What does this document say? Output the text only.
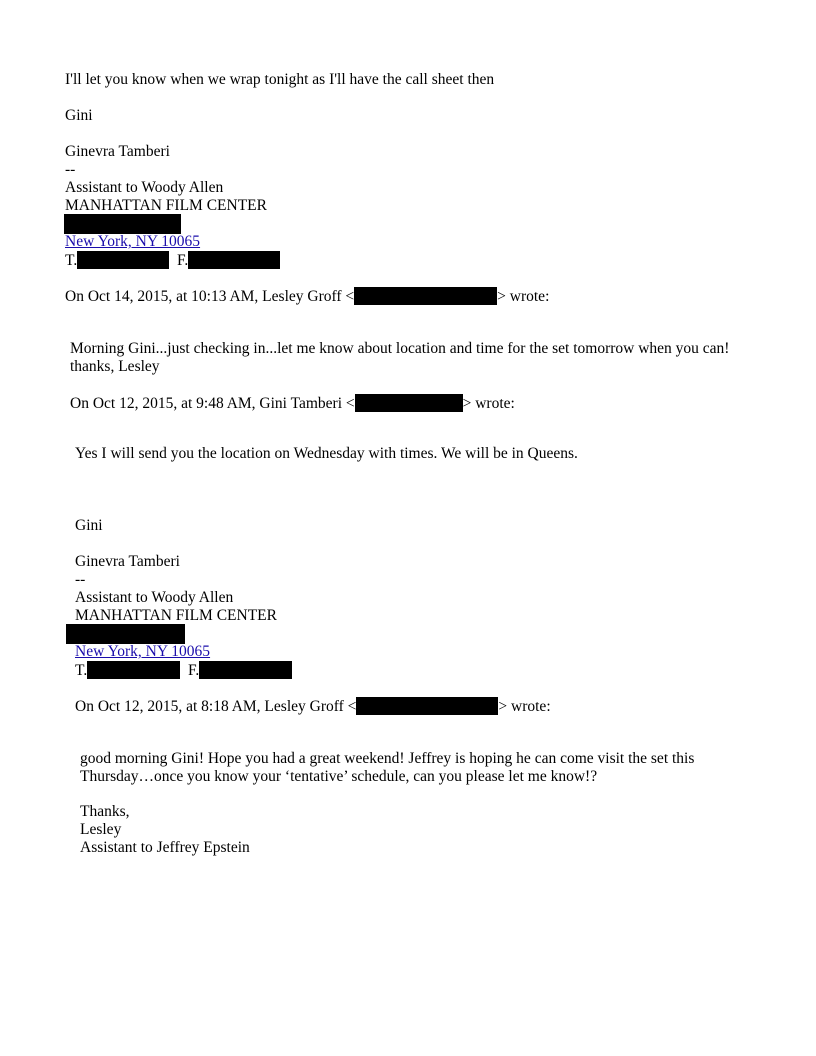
I'll let you know when we wrap tonight as I'll have the call sheet then
Gini
Ginevra Tamberi
--
Assistant to Woody Allen
MANHATTAN FILM CENTER
New York, NY 10065
T.	F.
On Oct 14, 2015, at 10:13 AM, Lesley Groff <	> wrote:
Morning Gini...just checking in...let me know about location and time for the set tomorrow when you can! thanks, Lesley
On Oct 12, 2015, at 9:48 AM, Gini Tamberi <	> wrote:
Yes I will send you the location on Wednesday with times. We will be in Queens.
Gini
Ginevra Tamberi
--
Assistant to Woody Allen
MANHATTAN FILM CENTER
New York, NY 10065
T.	F.
On Oct 12, 2015, at 8:18 AM, Lesley Groff <	> wrote:
good morning Gini! Hope you had a great weekend! Jeffrey is hoping he can come visit the set this Thursday…once you know your ‘tentative’ schedule, can you please let me know!?
Thanks,
Lesley
Assistant to Jeffrey Epstein
